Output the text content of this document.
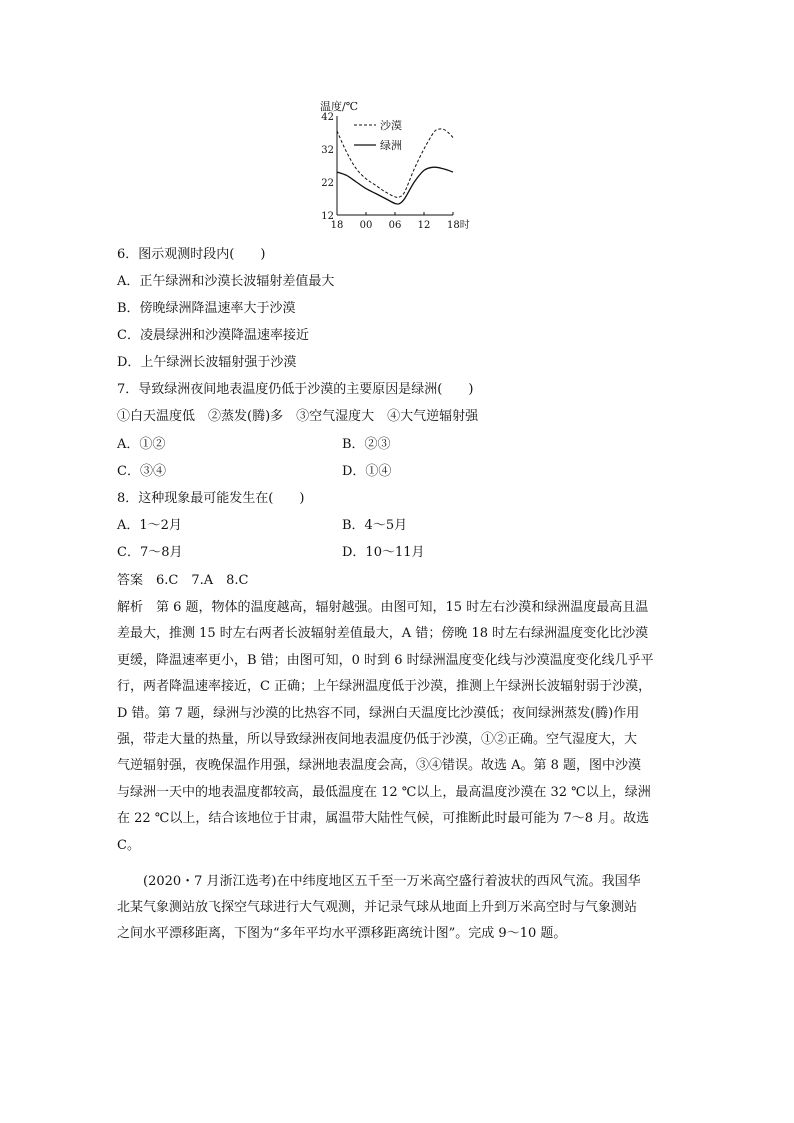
温度/℃
42
32
22
12
18 00 06 12 18时
沙漠
绿洲
6．图示观测时段内(　　)
A．正午绿洲和沙漠长波辐射差值最大
B．傍晚绿洲降温速率大于沙漠
C．凌晨绿洲和沙漠降温速率接近
D．上午绿洲长波辐射强于沙漠
7．导致绿洲夜间地表温度仍低于沙漠的主要原因是绿洲(　　)
①白天温度低　②蒸发(腾)多　③空气湿度大　④大气逆辐射强
A．①②	B．②③
C．③④	D．①④
8．这种现象最可能发生在(　　)
A．1～2月	B．4～5月
C．7～8月	D．10～11月
答案　6.C　7.A　8.C
解析　第 6 题，物体的温度越高，辐射越强。由图可知，15 时左右沙漠和绿洲温度最高且温
差最大，推测 15 时左右两者长波辐射差值最大，A 错；傍晚 18 时左右绿洲温度变化比沙漠
更缓，降温速率更小，B 错；由图可知，0 时到 6 时绿洲温度变化线与沙漠温度变化线几乎平
行，两者降温速率接近，C 正确；上午绿洲温度低于沙漠，推测上午绿洲长波辐射弱于沙漠，
D 错。第 7 题，绿洲与沙漠的比热容不同，绿洲白天温度比沙漠低；夜间绿洲蒸发(腾)作用
强，带走大量的热量，所以导致绿洲夜间地表温度仍低于沙漠，①②正确。空气湿度大，大
气逆辐射强，夜晚保温作用强，绿洲地表温度会高，③④错误。故选 A。第 8 题，图中沙漠
与绿洲一天中的地表温度都较高，最低温度在 12 ℃以上，最高温度沙漠在 32 ℃以上，绿洲
在 22 ℃以上，结合该地位于甘肃，属温带大陆性气候，可推断此时最可能为 7～8 月。故选
C。
(2020・7 月浙江选考)在中纬度地区五千至一万米高空盛行着波状的西风气流。我国华
北某气象测站放飞探空气球进行大气观测，并记录气球从地面上升到万米高空时与气象测站
之间水平漂移距离，下图为“多年平均水平漂移距离统计图”。完成 9～10 题。
